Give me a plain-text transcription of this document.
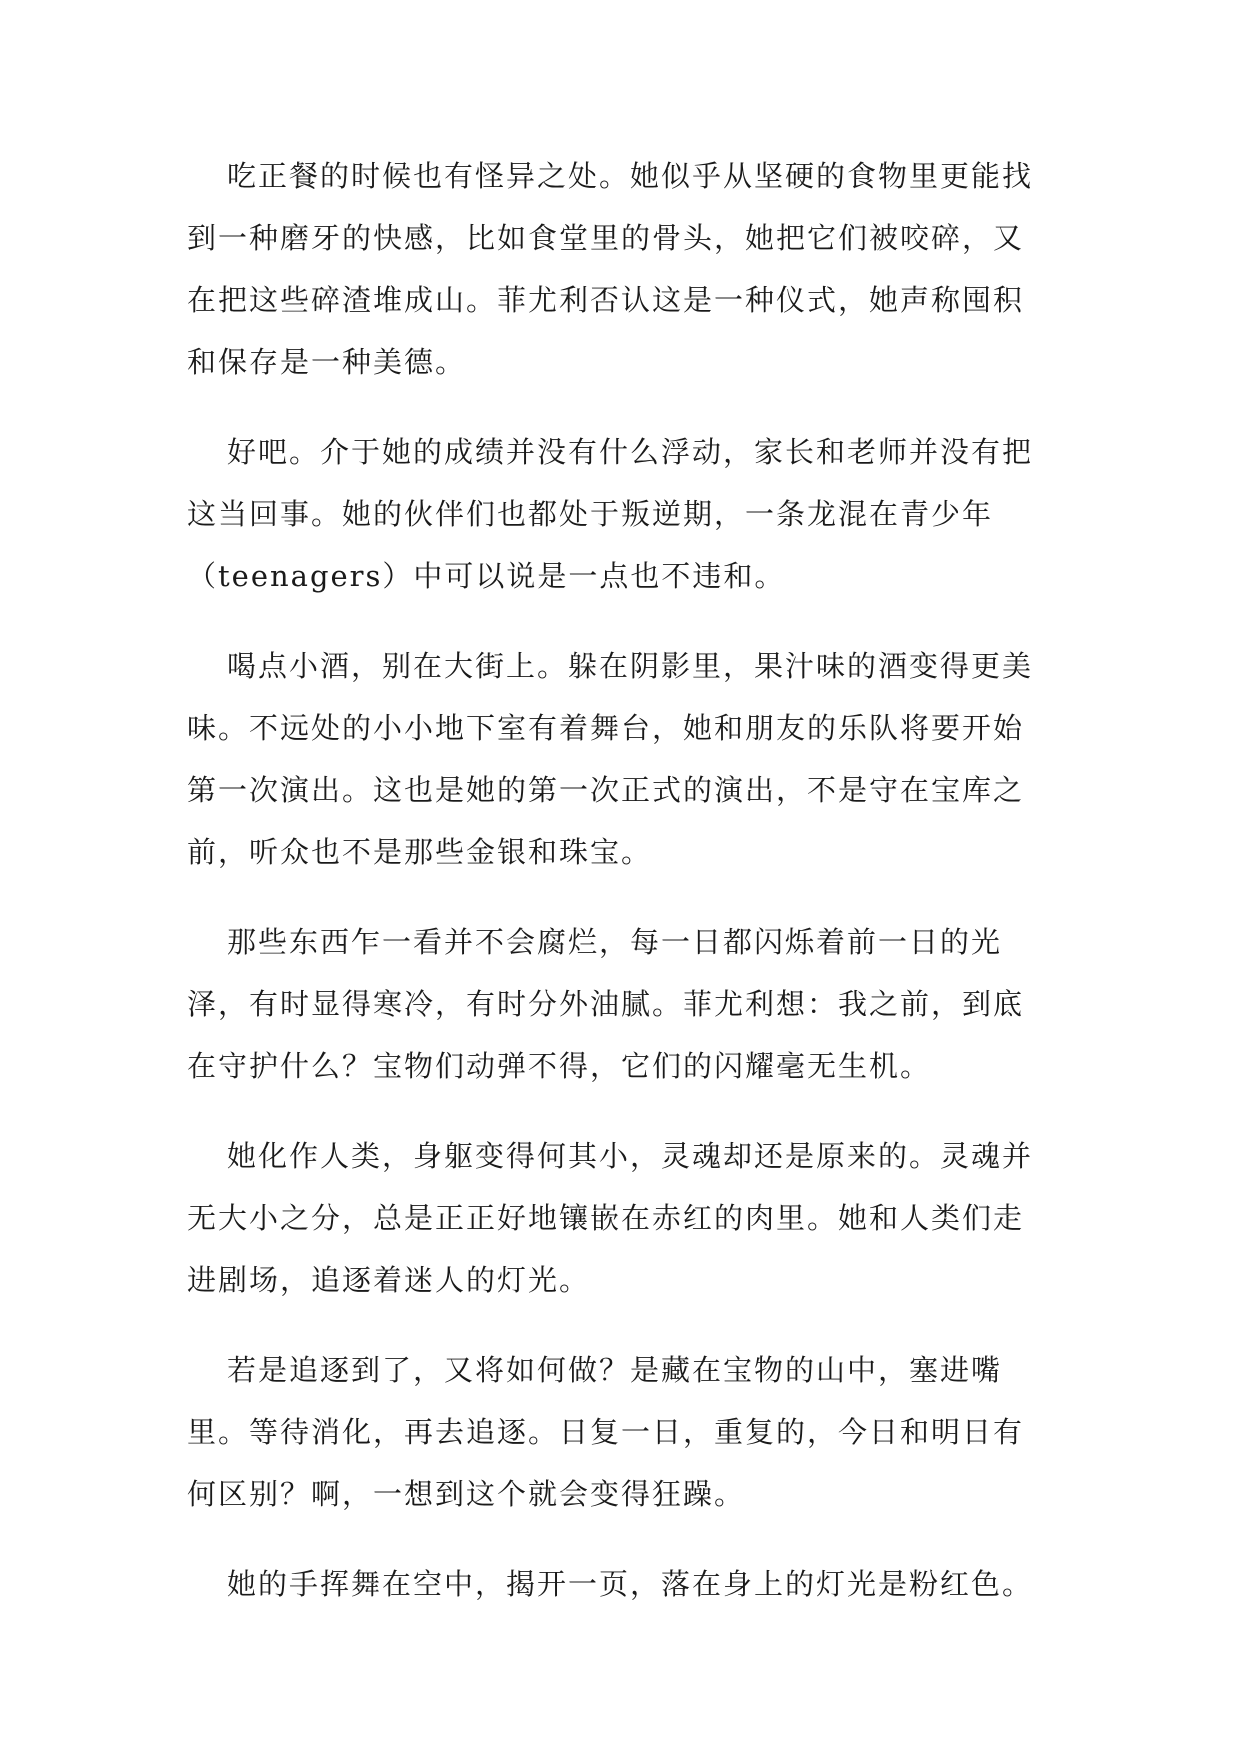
吃正餐的时候也有怪异之处。她似乎从坚硬的食物里更能找
到一种磨牙的快感，比如食堂里的骨头，她把它们被咬碎，又
在把这些碎渣堆成山。菲尤利否认这是一种仪式，她声称囤积
和保存是一种美德。

好吧。介于她的成绩并没有什么浮动，家长和老师并没有把
这当回事。她的伙伴们也都处于叛逆期，一条龙混在青少年
（teenagers）中可以说是一点也不违和。

喝点小酒，别在大街上。躲在阴影里，果汁味的酒变得更美
味。不远处的小小地下室有着舞台，她和朋友的乐队将要开始
第一次演出。这也是她的第一次正式的演出，不是守在宝库之
前，听众也不是那些金银和珠宝。

那些东西乍一看并不会腐烂，每一日都闪烁着前一日的光
泽，有时显得寒冷，有时分外油腻。菲尤利想：我之前，到底
在守护什么？宝物们动弹不得，它们的闪耀毫无生机。

她化作人类，身躯变得何其小，灵魂却还是原来的。灵魂并
无大小之分，总是正正好地镶嵌在赤红的肉里。她和人类们走
进剧场，追逐着迷人的灯光。

若是追逐到了，又将如何做？是藏在宝物的山中，塞进嘴
里。等待消化，再去追逐。日复一日，重复的，今日和明日有
何区别？啊，一想到这个就会变得狂躁。

她的手挥舞在空中，揭开一页，落在身上的灯光是粉红色。
